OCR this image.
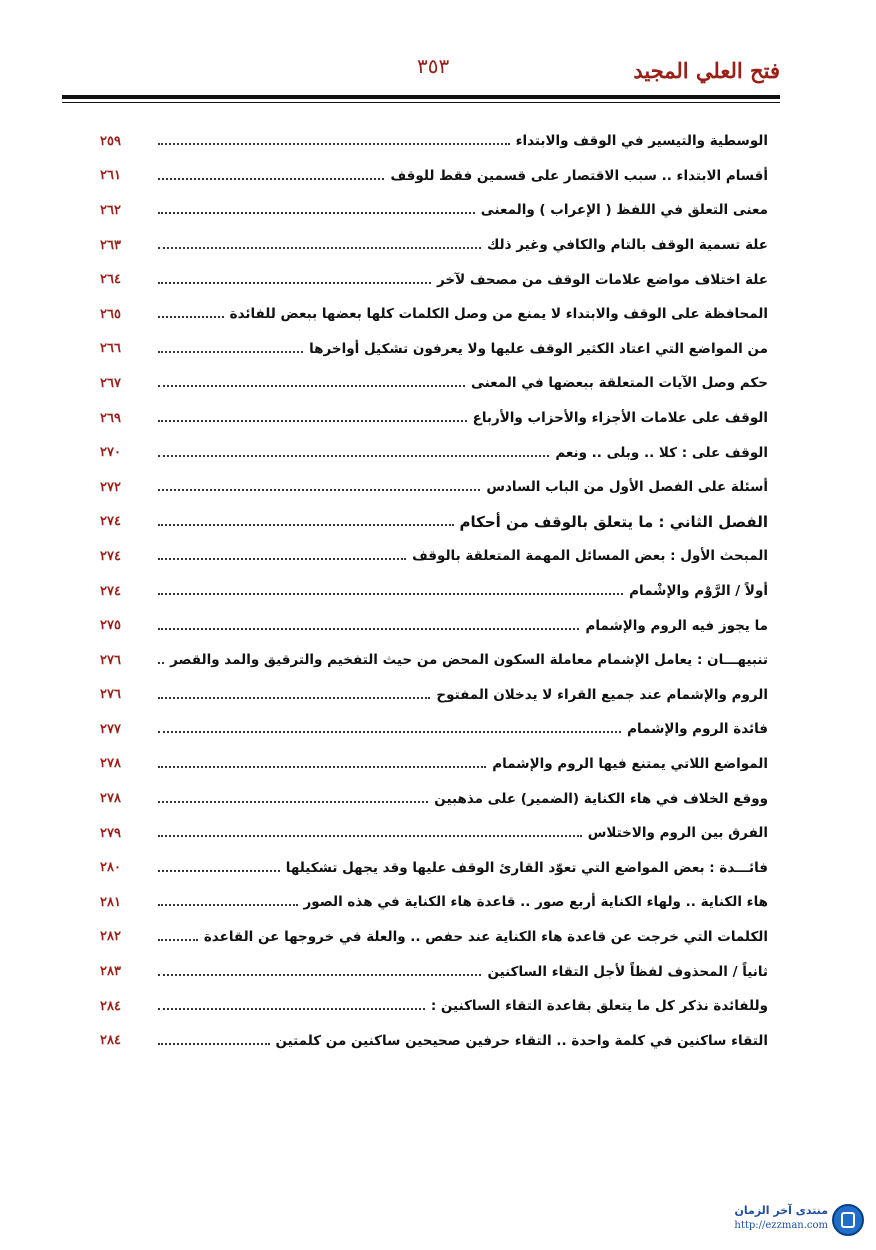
فتح العلي المجيد
٣٥٣
الوسطية والتيسير في الوقف والابتداء
٢٥٩
أقسام الابتداء .. سبب الاقتصار على قسمين فقط للوقف
٢٦١
معنى التعلق في اللفظ ( الإعراب ) والمعنى
٢٦٢
علة تسمية الوقف بالتام والكافي وغير ذلك
٢٦٣
علة اختلاف مواضع علامات الوقف من مصحف لآخر
٢٦٤
المحافظة على الوقف والابتداء لا يمنع من وصل الكلمات كلها بعضها ببعض للفائدة
٢٦٥
من المواضع التي اعتاد الكثير الوقف عليها ولا يعرفون تشكيل أواخرها
٢٦٦
حكم وصل الآيات المتعلقة ببعضها في المعنى
٢٦٧
الوقف على علامات الأجزاء والأحزاب والأرباع
٢٦٩
الوقف على : كلا .. وبلى .. ونعم
٢٧٠
أسئلة على الفصل الأول من الباب السادس
٢٧٢
الفصل الثاني : ما يتعلق بالوقف من أحكام
٢٧٤
المبحث الأول : بعض المسائل المهمة المتعلقة بالوقف
٢٧٤
أولاً / الرَّوْم والإشْمام
٢٧٤
ما يجوز فيه الروم والإشمام
٢٧٥
تنبيهـــان : يعامل الإشمام معاملة السكون المحض من حيث التفخيم والترقيق والمد والقصر
٢٧٦
الروم والإشمام عند جميع القراء لا يدخلان المفتوح
٢٧٦
فائدة الروم والإشمام
٢٧٧
المواضع اللاتي يمتنع فيها الروم والإشمام
٢٧٨
ووقع الخلاف في هاء الكناية (الضمير) على مذهبين
٢٧٨
الفرق بين الروم والاختلاس
٢٧٩
فائـــدة : بعض المواضع التي تعوّد القارئ الوقف عليها وقد يجهل تشكيلها
٢٨٠
هاء الكناية .. ولهاء الكناية أربع صور .. قاعدة هاء الكناية في هذه الصور
٢٨١
الكلمات التي خرجت عن قاعدة هاء الكناية عند حفص .. والعلة في خروجها عن القاعدة
٢٨٢
ثانياً / المحذوف لفظاً لأجل التقاء الساكنين
٢٨٣
وللفائدة نذكر كل ما يتعلق بقاعدة التقاء الساكنين :
٢٨٤
التقاء ساكنين في كلمة واحدة .. التقاء حرفين صحيحين ساكنين من كلمتين
٢٨٤
منتدى آخر الزمان
http://ezzman.com
